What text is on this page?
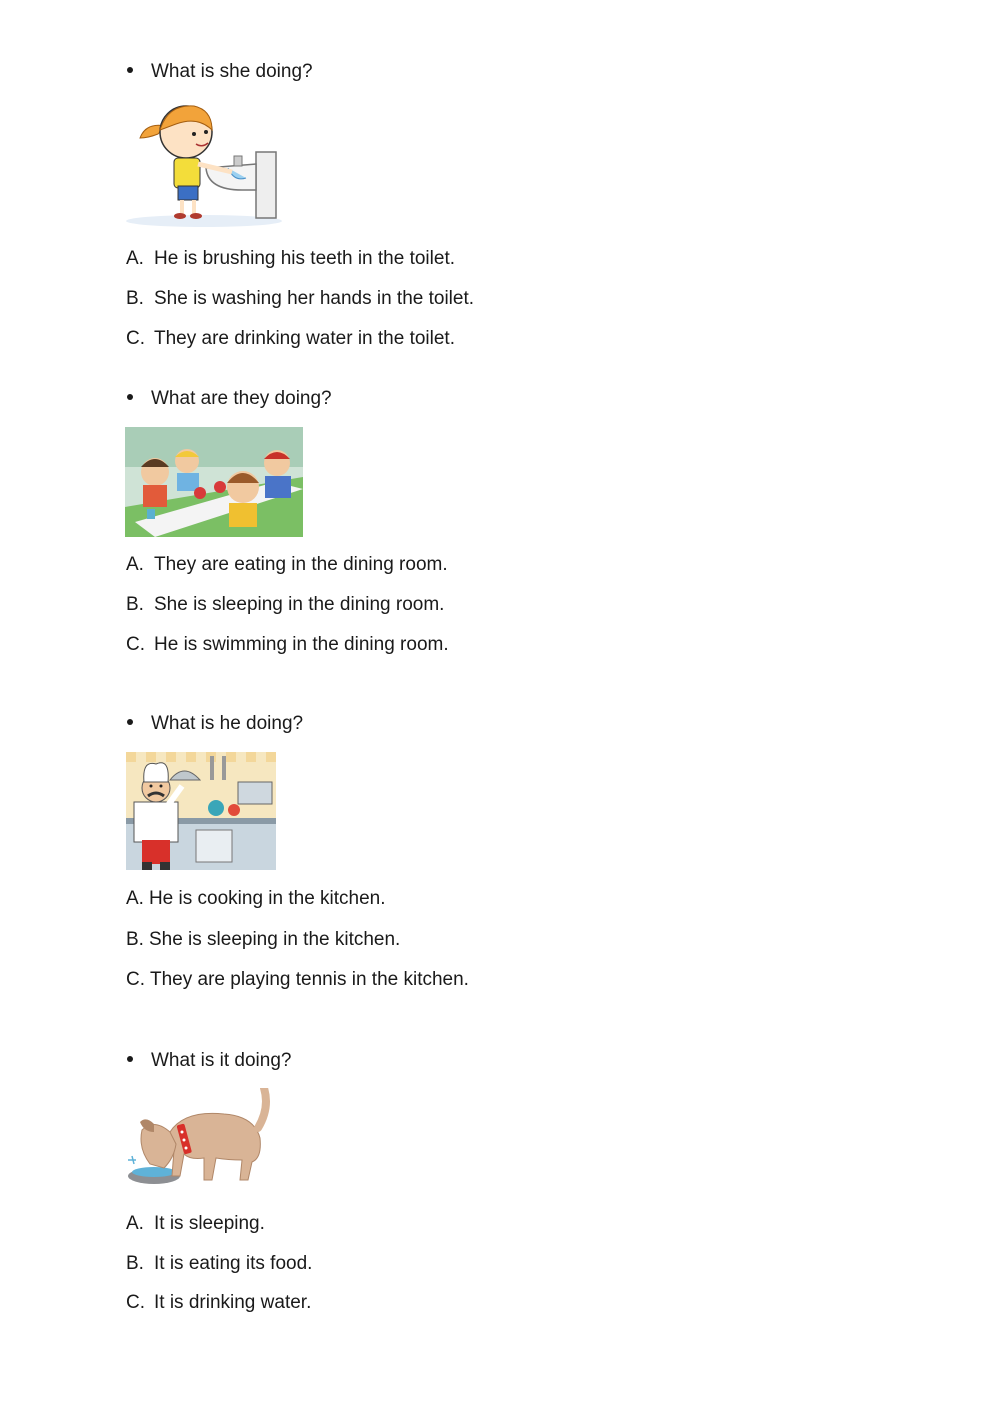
What is she doing?
A. He is brushing his teeth in the toilet.
B. She is washing her hands in the toilet.
C. They are drinking water in the toilet.
What are they doing?
A. They are eating in the dining room.
B. She is sleeping in the dining room.
C. He is swimming in the dining room.
What is he doing?
A. He is cooking in the kitchen.
B. She is sleeping in the kitchen.
C. They are playing tennis in the kitchen.
What is it doing?
A. It is sleeping.
B. It is eating its food.
C. It is drinking water.
